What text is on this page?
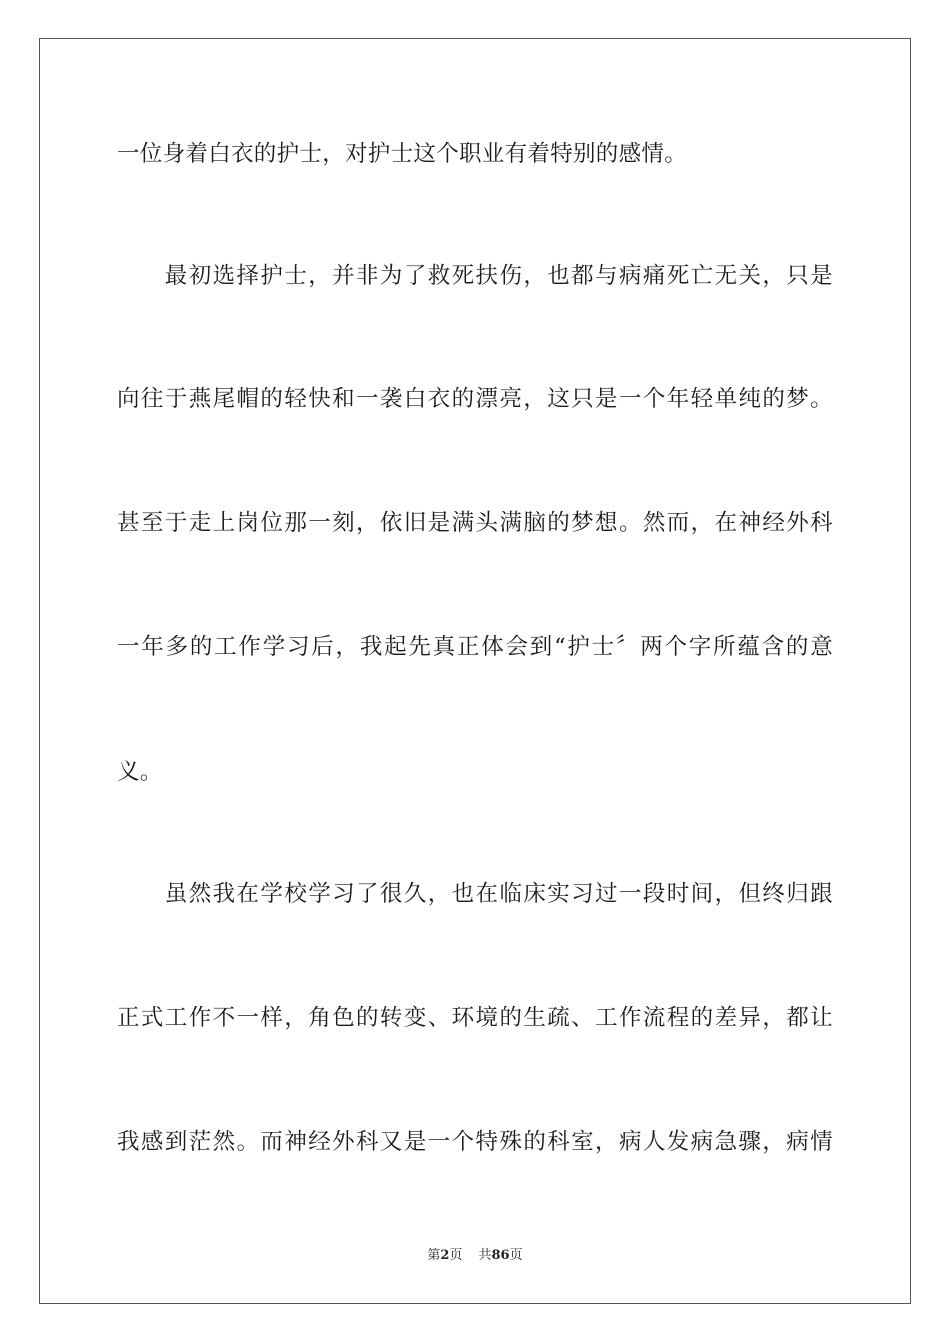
一位身着白衣的护士，对护士这个职业有着特别的感情。
　　最初选择护士，并非为了救死扶伤，也都与病痛死亡无关，只是
向往于燕尾帽的轻快和一袭白衣的漂亮，这只是一个年轻单纯的梦。
甚至于走上岗位那一刻，依旧是满头满脑的梦想。然而，在神经外科
一年多的工作学习后，我起先真正体会到“护士〞两个字所蕴含的意
义。
　　虽然我在学校学习了很久，也在临床实习过一段时间，但终归跟
正式工作不一样，角色的转变、环境的生疏、工作流程的差异，都让
我感到茫然。而神经外科又是一个特殊的科室，病人发病急骤，病情
第2页 共86页
